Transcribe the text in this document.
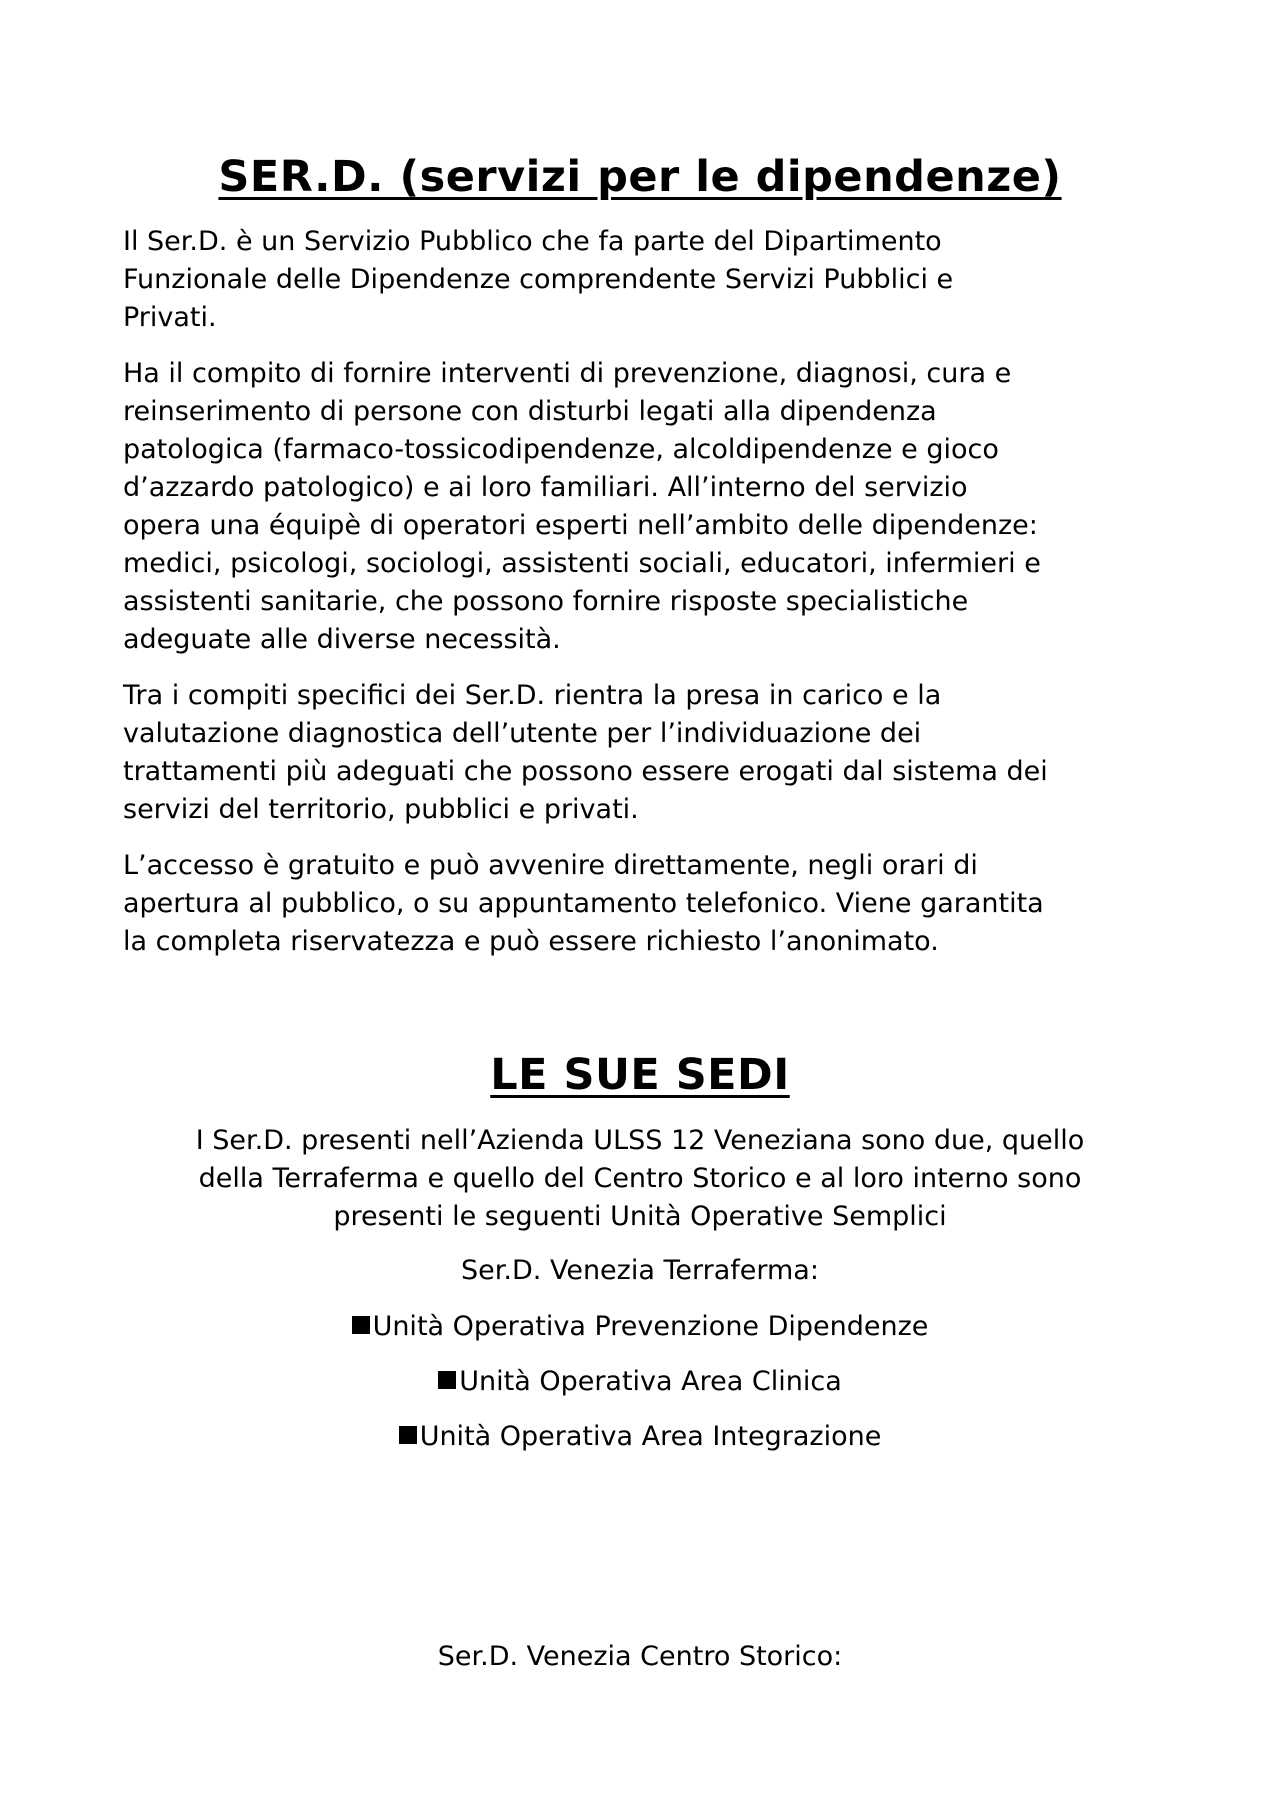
SER.D. (servizi per le dipendenze)

Il Ser.D. è un Servizio Pubblico che fa parte del Dipartimento
Funzionale delle Dipendenze comprendente Servizi Pubblici e
Privati.

Ha il compito di fornire interventi di prevenzione, diagnosi, cura e
reinserimento di persone con disturbi legati alla dipendenza
patologica (farmaco-tossicodipendenze, alcoldipendenze e gioco
d’azzardo patologico) e ai loro familiari. All’interno del servizio
opera una équipè di operatori esperti nell’ambito delle dipendenze:
medici, psicologi, sociologi, assistenti sociali, educatori, infermieri e
assistenti sanitarie, che possono fornire risposte specialistiche
adeguate alle diverse necessità.

Tra i compiti specifici dei Ser.D. rientra la presa in carico e la
valutazione diagnostica dell’utente per l’individuazione dei
trattamenti più adeguati che possono essere erogati dal sistema dei
servizi del territorio, pubblici e privati.

L’accesso è gratuito e può avvenire direttamente, negli orari di
apertura al pubblico, o su appuntamento telefonico. Viene garantita
la completa riservatezza e può essere richiesto l’anonimato.

LE SUE SEDI

I Ser.D. presenti nell’Azienda ULSS 12 Veneziana sono due, quello
della Terraferma e quello del Centro Storico e al loro interno sono
presenti le seguenti Unità Operative Semplici

Ser.D. Venezia Terraferma:

Unità Operativa Prevenzione Dipendenze

Unità Operativa Area Clinica

Unità Operativa Area Integrazione

Ser.D. Venezia Centro Storico:
